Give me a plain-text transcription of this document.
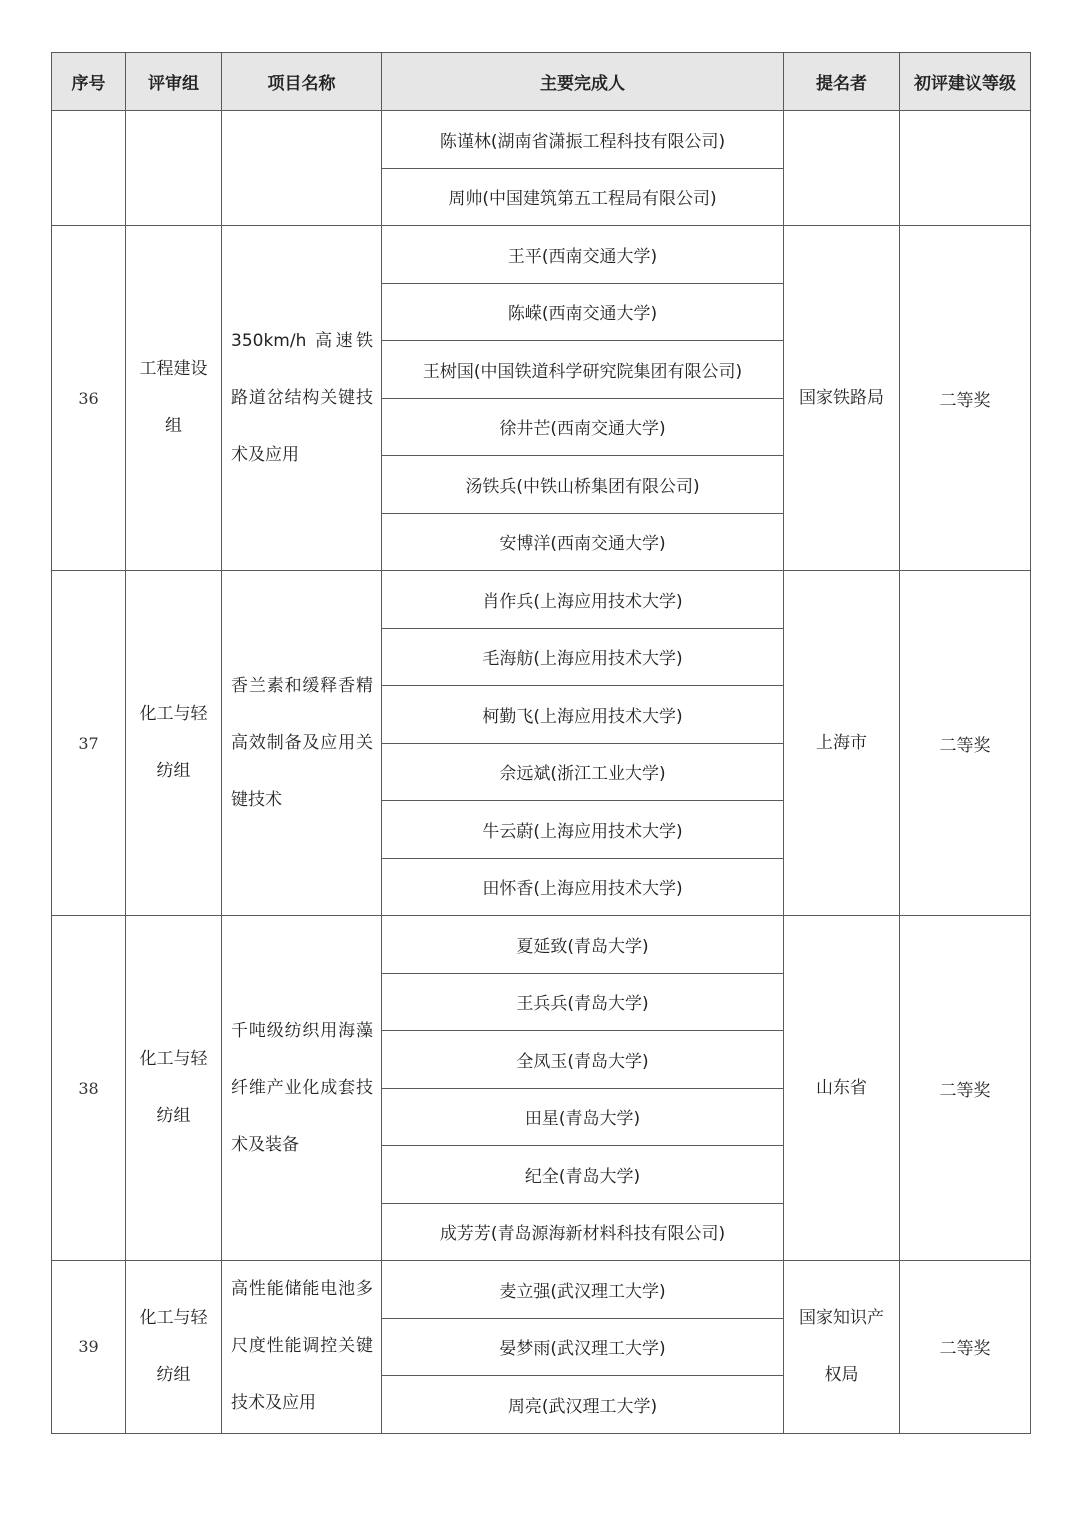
序号	评审组	项目名称	主要完成人	提名者	初评建议等级
			陈谨林(湖南省潇振工程科技有限公司)		
			周帅(中国建筑第五工程局有限公司)		
36	工程建设组	350km/h 高速铁路道岔结构关键技术及应用	王平(西南交通大学)	国家铁路局	二等奖
			陈嵘(西南交通大学)		
			王树国(中国铁道科学研究院集团有限公司)		
			徐井芒(西南交通大学)		
			汤铁兵(中铁山桥集团有限公司)		
			安博洋(西南交通大学)		
37	化工与轻纺组	香兰素和缓释香精高效制备及应用关键技术	肖作兵(上海应用技术大学)	上海市	二等奖
			毛海舫(上海应用技术大学)		
			柯勤飞(上海应用技术大学)		
			佘远斌(浙江工业大学)		
			牛云蔚(上海应用技术大学)		
			田怀香(上海应用技术大学)		
38	化工与轻纺组	千吨级纺织用海藻纤维产业化成套技术及装备	夏延致(青岛大学)	山东省	二等奖
			王兵兵(青岛大学)		
			全凤玉(青岛大学)		
			田星(青岛大学)		
			纪全(青岛大学)		
			成芳芳(青岛源海新材料科技有限公司)		
39	化工与轻纺组	高性能储能电池多尺度性能调控关键技术及应用	麦立强(武汉理工大学)	国家知识产权局	二等奖
			晏梦雨(武汉理工大学)		
			周亮(武汉理工大学)		
